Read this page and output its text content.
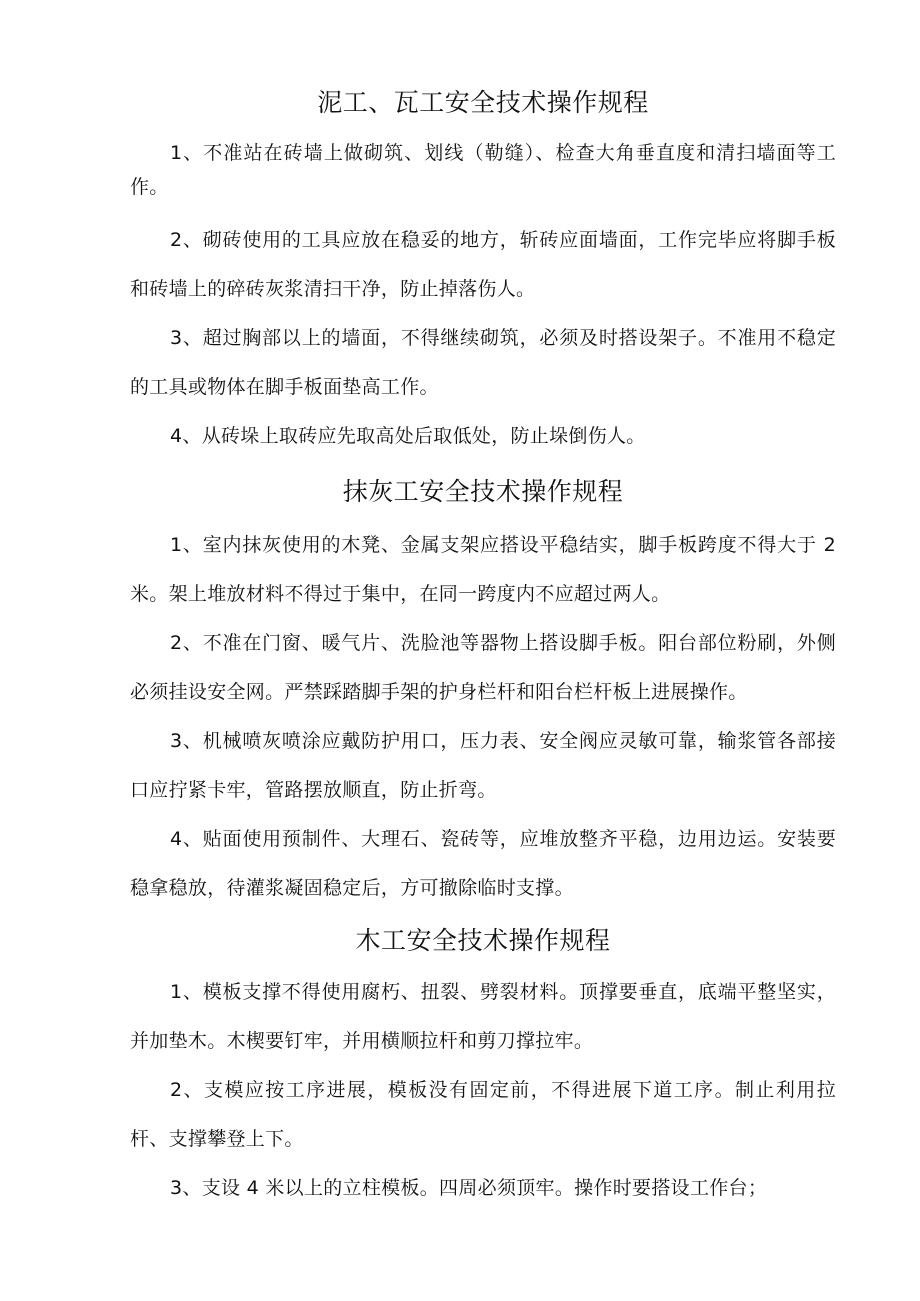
泥工、瓦工安全技术操作规程

1、不准站在砖墙上做砌筑、划线（勒缝）、检查大角垂直度和清扫墙面等工作。

2、砌砖使用的工具应放在稳妥的地方，斩砖应面墙面，工作完毕应将脚手板和砖墙上的碎砖灰浆清扫干净，防止掉落伤人。

3、超过胸部以上的墙面，不得继续砌筑，必须及时搭设架子。不准用不稳定的工具或物体在脚手板面垫高工作。

4、从砖垛上取砖应先取高处后取低处，防止垛倒伤人。

抹灰工安全技术操作规程

1、室内抹灰使用的木凳、金属支架应搭设平稳结实，脚手板跨度不得大于 2 米。架上堆放材料不得过于集中，在同一跨度内不应超过两人。

2、不准在门窗、暖气片、洗脸池等器物上搭设脚手板。阳台部位粉刷，外侧必须挂设安全网。严禁踩踏脚手架的护身栏杆和阳台栏杆板上进展操作。

3、机械喷灰喷涂应戴防护用口，压力表、安全阀应灵敏可靠，输浆管各部接口应拧紧卡牢，管路摆放顺直，防止折弯。

4、贴面使用预制件、大理石、瓷砖等，应堆放整齐平稳，边用边运。安装要稳拿稳放，待灌浆凝固稳定后，方可撤除临时支撑。

木工安全技术操作规程

1、模板支撑不得使用腐朽、扭裂、劈裂材料。顶撑要垂直，底端平整坚实，并加垫木。木楔要钉牢，并用横顺拉杆和剪刀撑拉牢。

2、支模应按工序进展，模板没有固定前，不得进展下道工序。制止利用拉杆、支撑攀登上下。

3、支设 4 米以上的立柱模板。四周必须顶牢。操作时要搭设工作台；
